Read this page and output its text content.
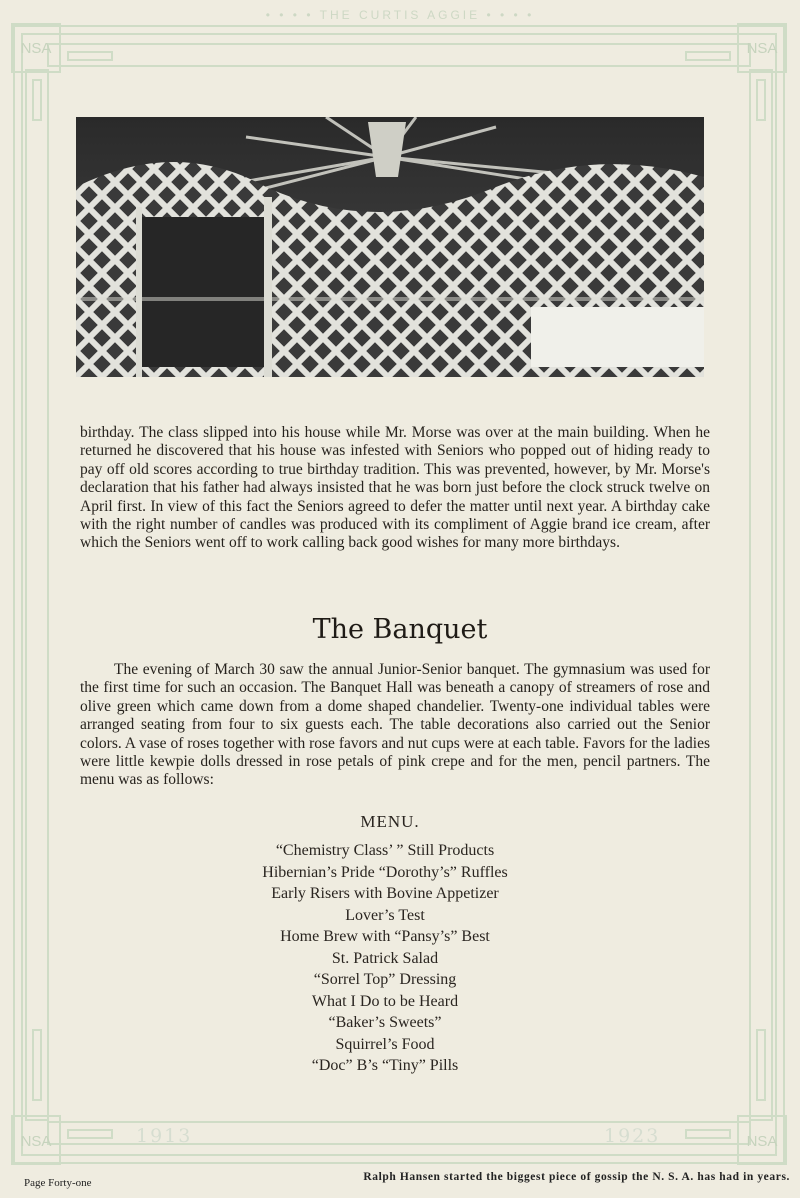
• • • • THE CURTIS AGGIE • • • •
NSA	NSA
NSA	NSA
birthday. The class slipped into his house while Mr. Morse was over at the main building. When he returned he discovered that his house was infested with Seniors who popped out of hiding ready to pay off old scores according to true birthday tradition. This was prevented, however, by Mr. Morse's declaration that his father had always insisted that he was born just before the clock struck twelve on April first. In view of this fact the Seniors agreed to defer the matter until next year. A birthday cake with the right number of candles was produced with its compliment of Aggie brand ice cream, after which the Seniors went off to work calling back good wishes for many more birthdays.
The Banquet
The evening of March 30 saw the annual Junior-Senior banquet. The gymnasium was used for the first time for such an occasion. The Banquet Hall was beneath a canopy of streamers of rose and olive green which came down from a dome shaped chandelier. Twenty-one individual tables were arranged seating from four to six guests each. The table decorations also carried out the Senior colors. A vase of roses together with rose favors and nut cups were at each table. Favors for the ladies were little kewpie dolls dressed in rose petals of pink crepe and for the men, pencil partners. The menu was as follows:
MENU.
“Chemistry Class’ ” Still Products
Hibernian’s Pride “Dorothy’s” Ruffles
Early Risers with Bovine Appetizer
Lover’s Test
Home Brew with “Pansy’s” Best
St. Patrick Salad
“Sorrel Top” Dressing
What I Do to be Heard
“Baker’s Sweets”
Squirrel’s Food
“Doc” B’s “Tiny” Pills
1913	1923
Page Forty-one	Ralph Hansen started the biggest piece of gossip the N. S. A. has had in years.
